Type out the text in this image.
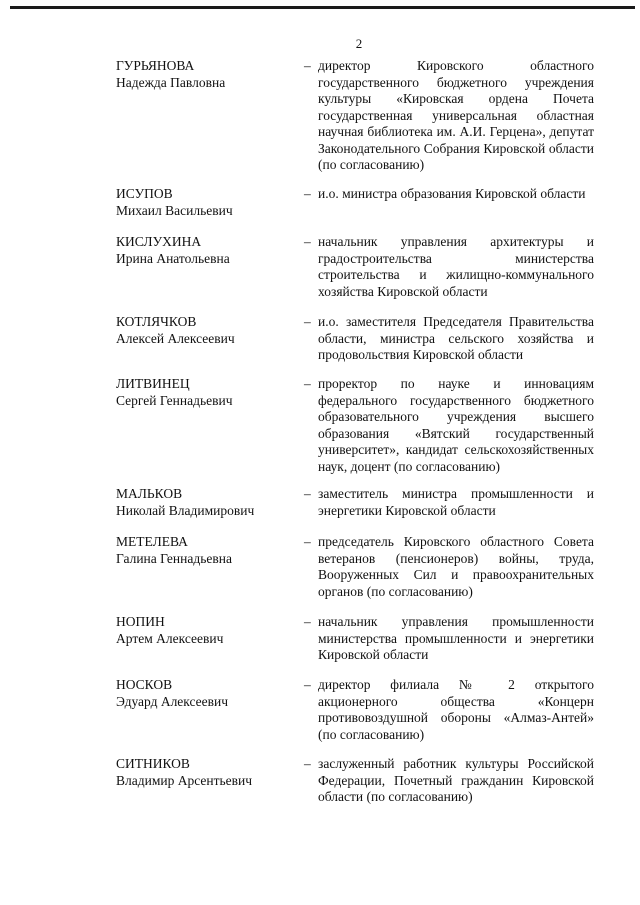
2
ГУРЬЯНОВА
Надежда Павловна
– директор Кировского областного государственного бюджетного учреждения культуры «Кировская ордена Почета государственная универсальная областная научная библиотека им. А.И. Герцена», депутат Законодательного Собрания Кировской области (по согласованию)
ИСУПОВ
Михаил Васильевич
– и.о. министра образования Кировской области
КИСЛУХИНА
Ирина Анатольевна
– начальник управления архитектуры и градостроительства министерства строительства и жилищно-коммунального хозяйства Кировской области
КОТЛЯЧКОВ
Алексей Алексеевич
– и.о. заместителя Председателя Правительства области, министра сельского хозяйства и продовольствия Кировской области
ЛИТВИНЕЦ
Сергей Геннадьевич
– проректор по науке и инновациям федерального государственного бюджетного образовательного учреждения высшего образования «Вятский государственный университет», кандидат сельскохозяйственных наук, доцент (по согласованию)
МАЛЬКОВ
Николай Владимирович
– заместитель министра промышленности и энергетики Кировской области
МЕТЕЛЕВА
Галина Геннадьевна
– председатель Кировского областного Совета ветеранов (пенсионеров) войны, труда, Вооруженных Сил и правоохранительных органов (по согласованию)
НОПИН
Артем Алексеевич
– начальник управления промышленности министерства промышленности и энергетики Кировской области
НОСКОВ
Эдуард Алексеевич
– директор филиала № 2 открытого акционерного общества «Концерн противовоздушной обороны «Алмаз-Антей» (по согласованию)
СИТНИКОВ
Владимир Арсентьевич
– заслуженный работник культуры Российской Федерации, Почетный гражданин Кировской области (по согласованию)
